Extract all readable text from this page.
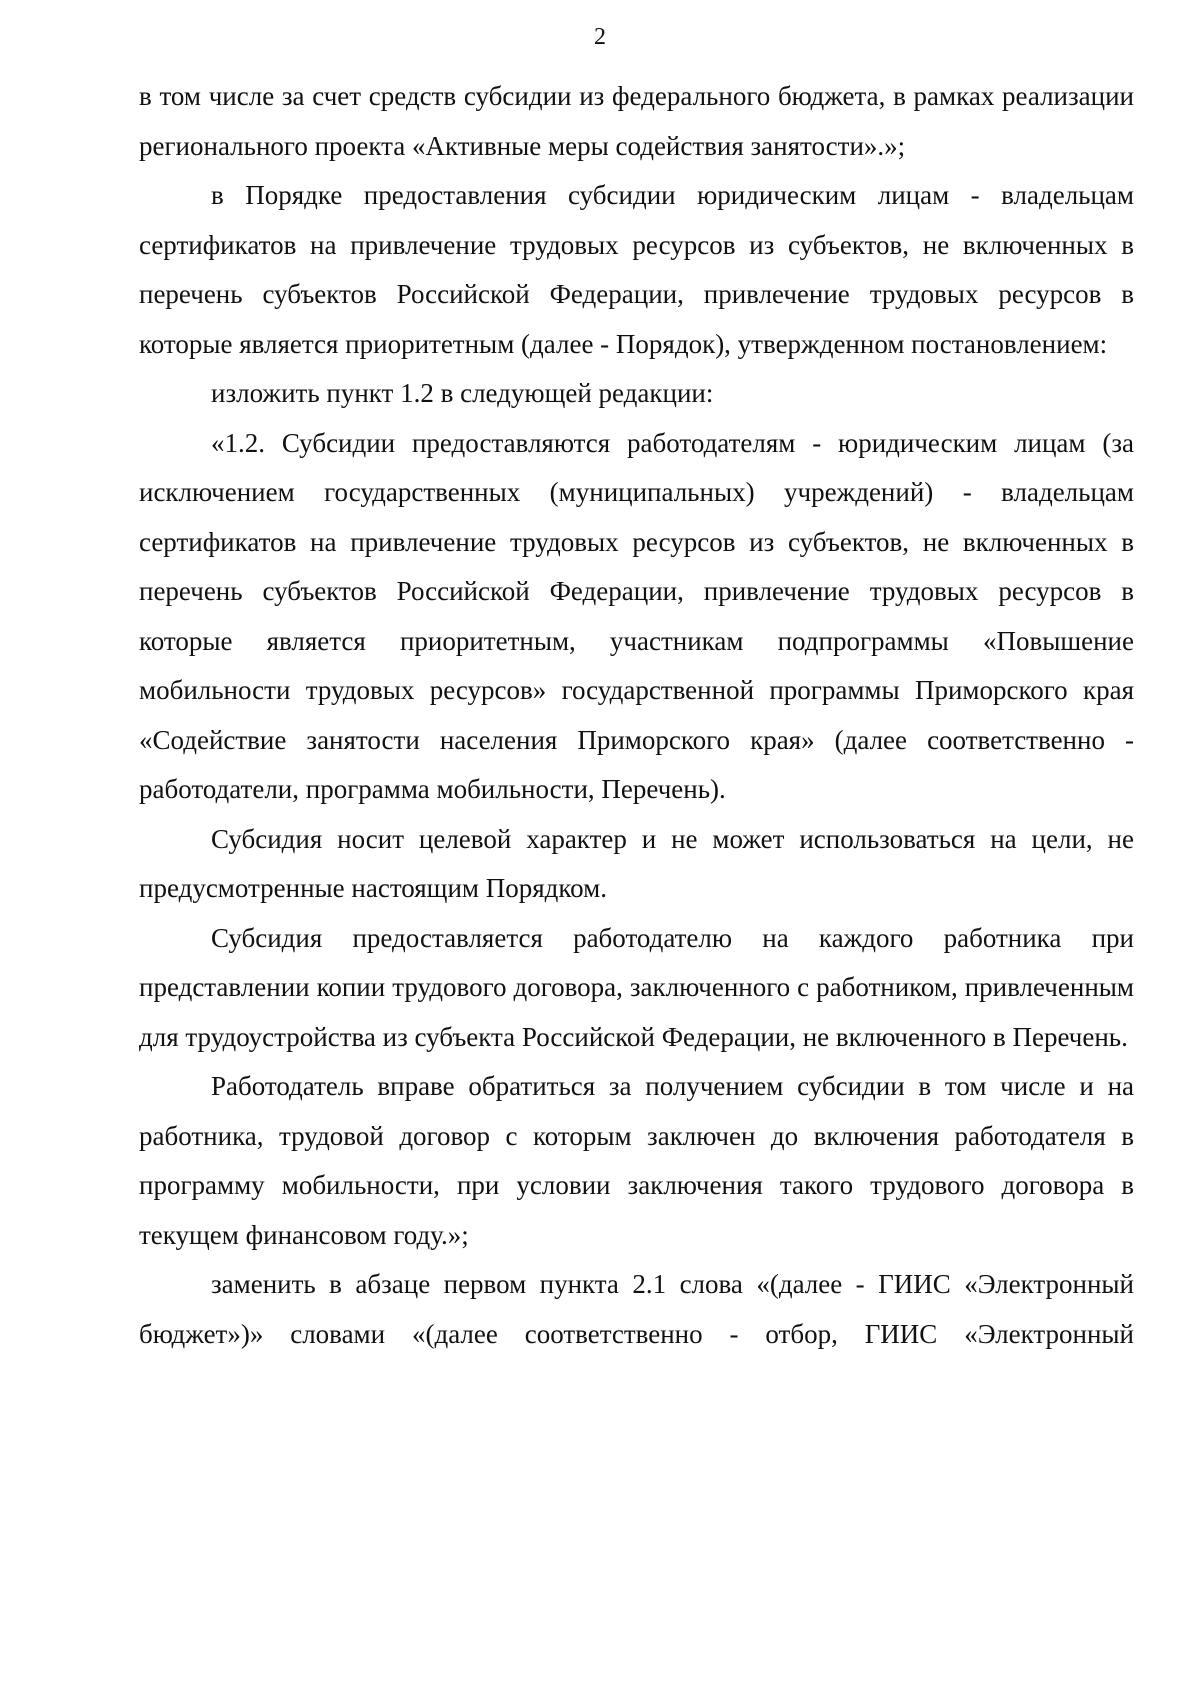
2

в том числе за счет средств субсидии из федерального бюджета, в рамках реализации регионального проекта «Активные меры содействия занятости».»;

в Порядке предоставления субсидии юридическим лицам - владельцам сертификатов на привлечение трудовых ресурсов из субъектов, не включенных в перечень субъектов Российской Федерации, привлечение трудовых ресурсов в которые является приоритетным (далее - Порядок), утвержденном постановлением:

изложить пункт 1.2 в следующей редакции:

«1.2. Субсидии предоставляются работодателям - юридическим лицам (за исключением государственных (муниципальных) учреждений) - владельцам сертификатов на привлечение трудовых ресурсов из субъектов, не включенных в перечень субъектов Российской Федерации, привлечение трудовых ресурсов в которые является приоритетным, участникам подпрограммы «Повышение мобильности трудовых ресурсов» государственной программы Приморского края «Содействие занятости населения Приморского края» (далее соответственно - работодатели, программа мобильности, Перечень).

Субсидия носит целевой характер и не может использоваться на цели, не предусмотренные настоящим Порядком.

Субсидия предоставляется работодателю на каждого работника при представлении копии трудового договора, заключенного с работником, привлеченным для трудоустройства из субъекта Российской Федерации, не включенного в Перечень.

Работодатель вправе обратиться за получением субсидии в том числе и на работника, трудовой договор с которым заключен до включения работодателя в программу мобильности, при условии заключения такого трудового договора в текущем финансовом году.»;

заменить в абзаце первом пункта 2.1 слова «(далее - ГИИС «Электронный бюджет»)» словами «(далее соответственно - отбор, ГИИС «Электронный
